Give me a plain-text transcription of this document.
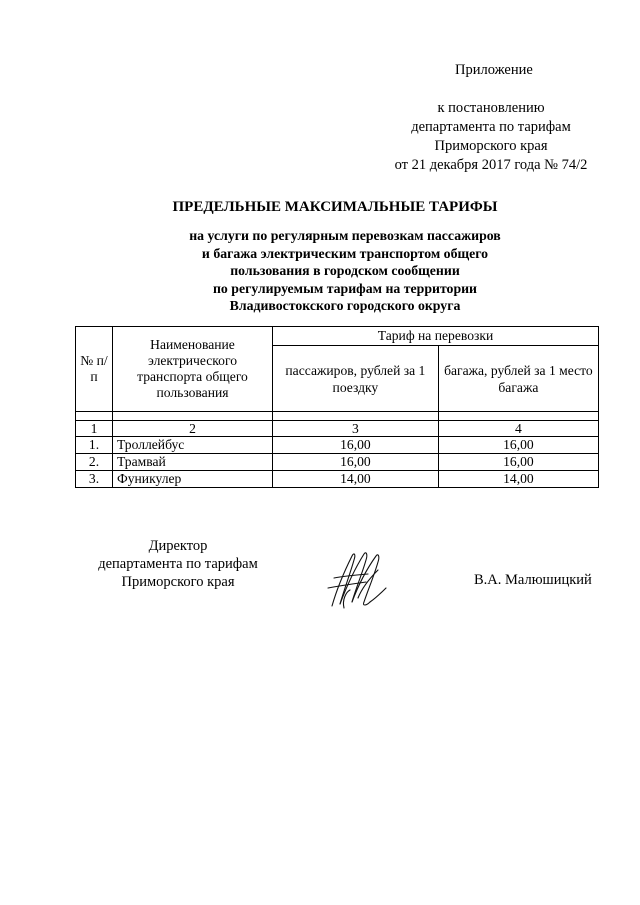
Приложение
к постановлению
департамента по тарифам
Приморского края
от 21 декабря 2017 года № 74/2
ПРЕДЕЛЬНЫЕ МАКСИМАЛЬНЫЕ ТАРИФЫ
на услуги по регулярным перевозкам пассажиров
и багажа электрическим транспортом общего
пользования в городском сообщении
по регулируемым тарифам на территории
Владивостокского городского округа
№ п/п	Наименование электрического транспорта общего пользования	Тариф на перевозки	
		пассажиров, рублей за 1 поездку	багажа, рублей за 1 место багажа

1	2	3	4
1.	Троллейбус	16,00	16,00
2.	Трамвай	16,00	16,00
3.	Фуникулер	14,00	14,00
Директор
департамента по тарифам
Приморского края	В.А. Малюшицкий
